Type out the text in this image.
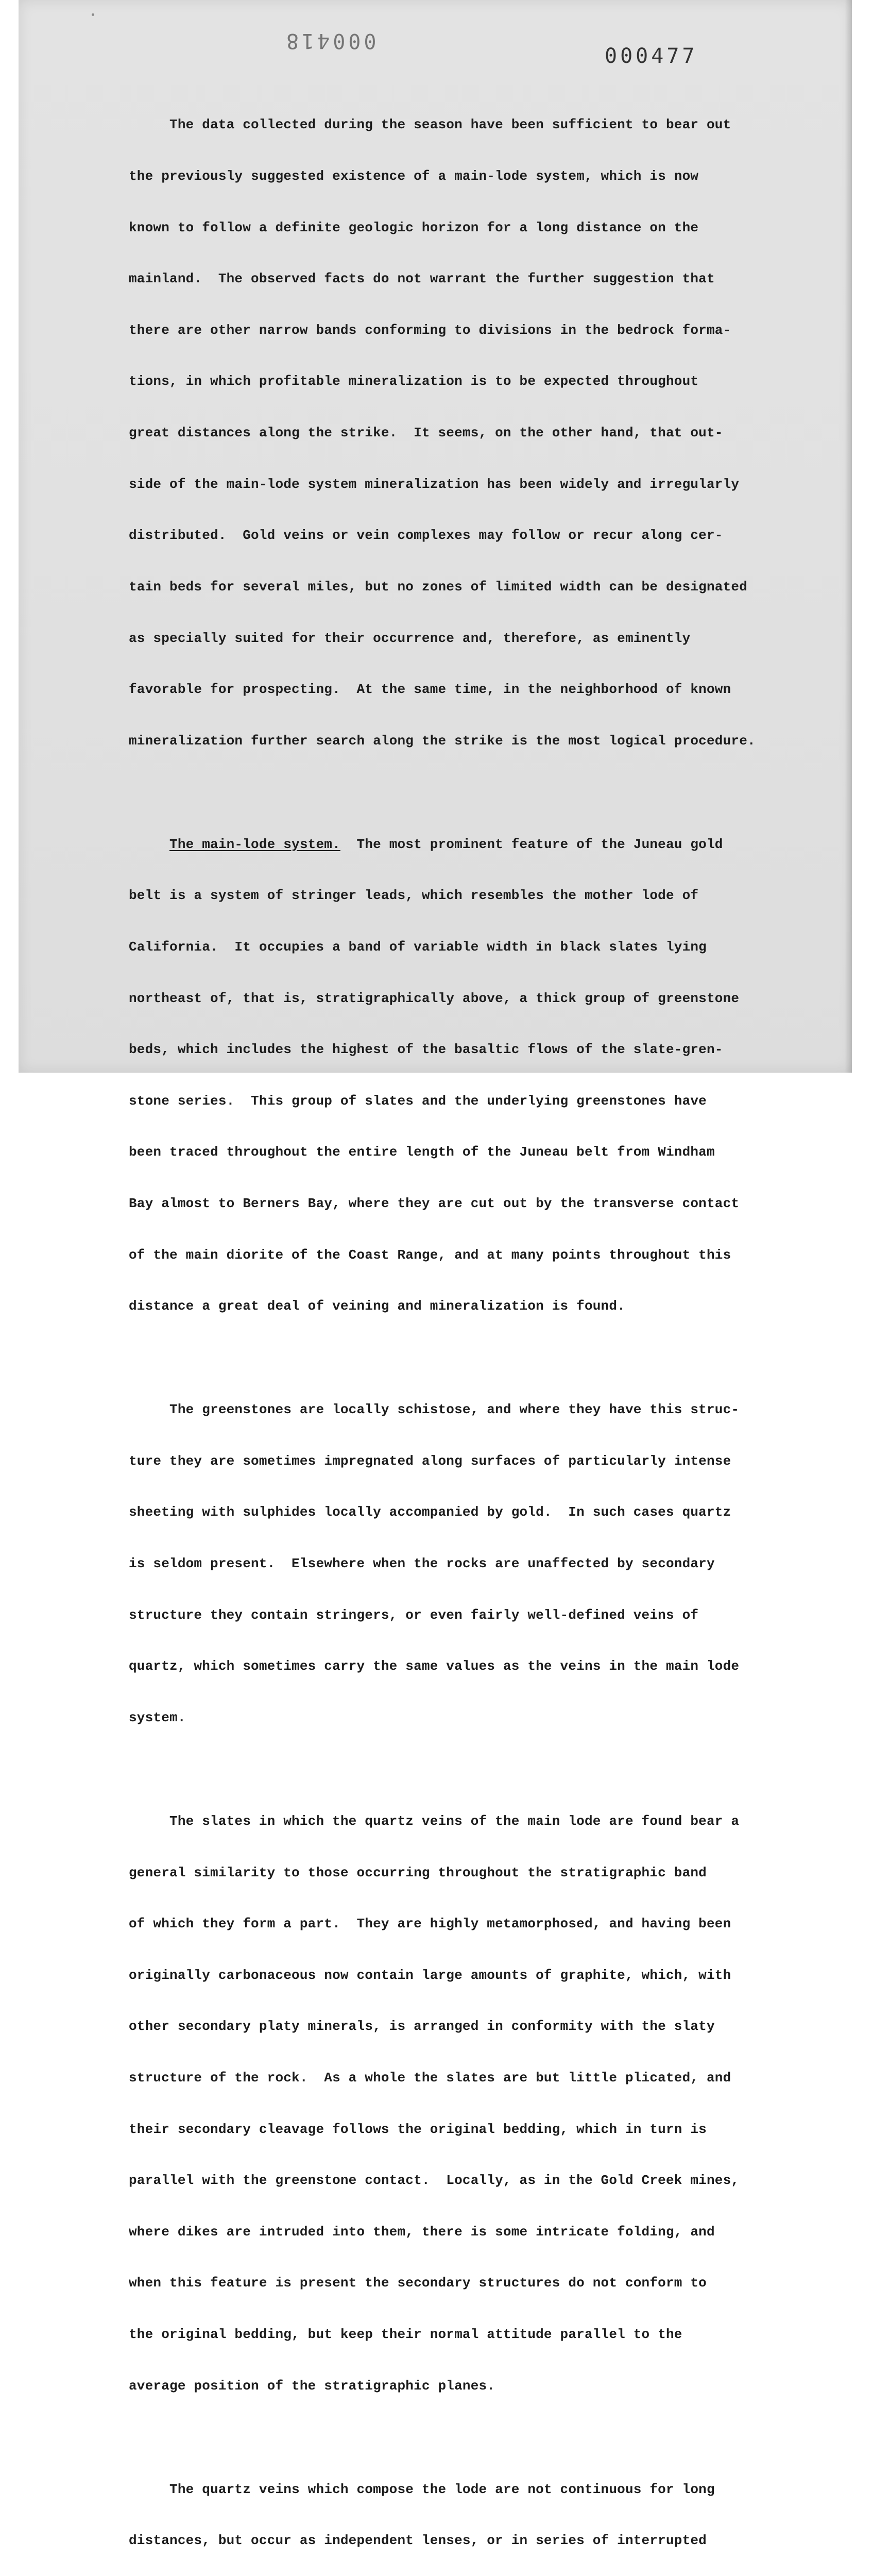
000418
000477

The data collected during the season have been sufficient to bear out

the previously suggested existence of a main-lode system, which is now

known to follow a definite geologic horizon for a long distance on the

mainland.  The observed facts do not warrant the further suggestion that

there are other narrow bands conforming to divisions in the bedrock forma-

tions, in which profitable mineralization is to be expected throughout

great distances along the strike.  It seems, on the other hand, that out-

side of the main-lode system mineralization has been widely and irregularly

distributed.  Gold veins or vein complexes may follow or recur along cer-

tain beds for several miles, but no zones of limited width can be designated

as specially suited for their occurrence and, therefore, as eminently

favorable for prospecting.  At the same time, in the neighborhood of known

mineralization further search along the strike is the most logical procedure.

The main-lode system.  The most prominent feature of the Juneau gold

belt is a system of stringer leads, which resembles the mother lode of

California.  It occupies a band of variable width in black slates lying

northeast of, that is, stratigraphically above, a thick group of greenstone

beds, which includes the highest of the basaltic flows of the slate-gren-

stone series.  This group of slates and the underlying greenstones have

been traced throughout the entire length of the Juneau belt from Windham

Bay almost to Berners Bay, where they are cut out by the transverse contact

of the main diorite of the Coast Range, and at many points throughout this

distance a great deal of veining and mineralization is found.

The greenstones are locally schistose, and where they have this struc-

ture they are sometimes impregnated along surfaces of particularly intense

sheeting with sulphides locally accompanied by gold.  In such cases quartz

is seldom present.  Elsewhere when the rocks are unaffected by secondary

structure they contain stringers, or even fairly well-defined veins of

quartz, which sometimes carry the same values as the veins in the main lode

system.

The slates in which the quartz veins of the main lode are found bear a

general similarity to those occurring throughout the stratigraphic band

of which they form a part.  They are highly metamorphosed, and having been

originally carbonaceous now contain large amounts of graphite, which, with

other secondary platy minerals, is arranged in conformity with the slaty

structure of the rock.  As a whole the slates are but little plicated, and

their secondary cleavage follows the original bedding, which in turn is

parallel with the greenstone contact.  Locally, as in the Gold Creek mines,

where dikes are intruded into them, there is some intricate folding, and

when this feature is present the secondary structures do not conform to

the original bedding, but keep their normal attitude parallel to the

average position of the stratigraphic planes.

The quartz veins which compose the lode are not continuous for long

distances, but occur as independent lenses, or in series of interrupted
